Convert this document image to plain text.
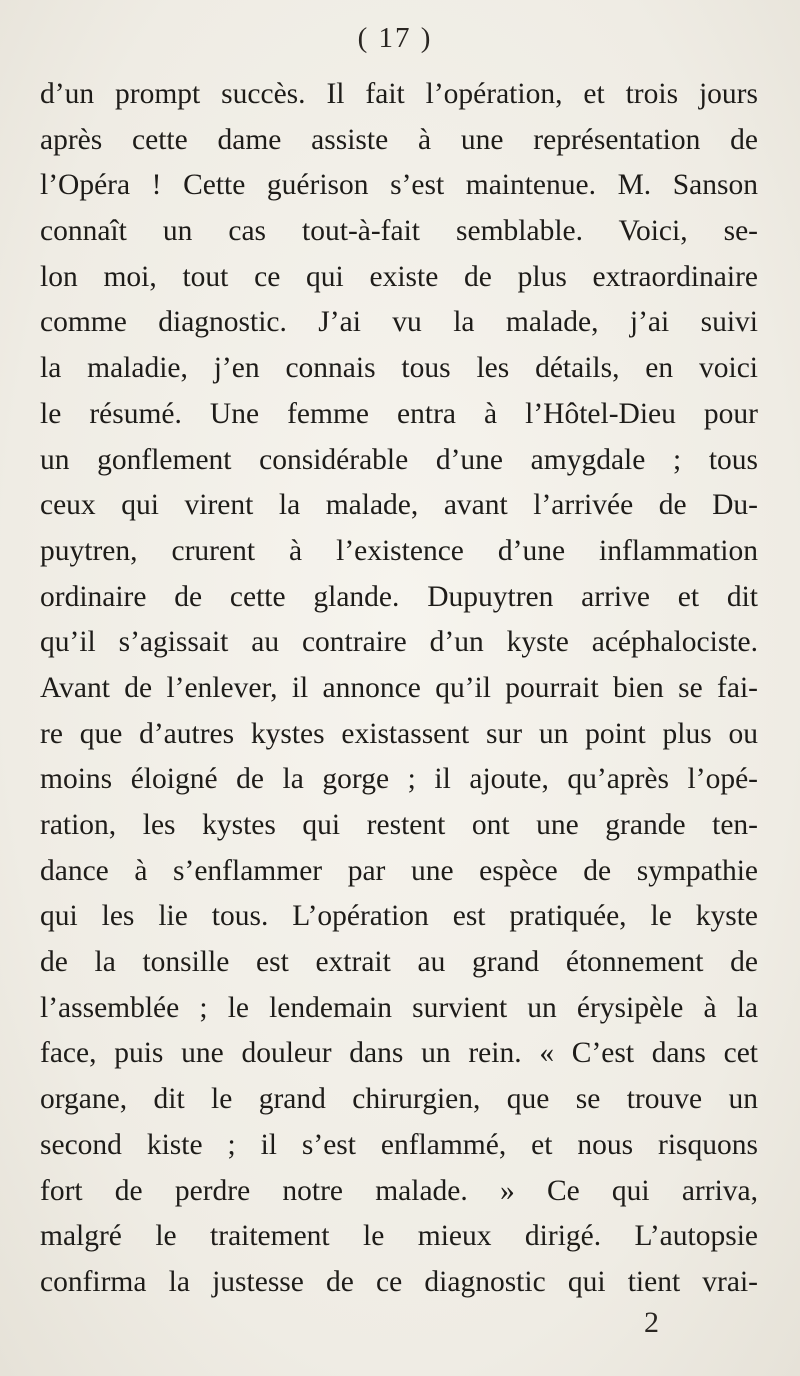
( 17 )
d’un prompt succès. Il fait l’opération, et trois jours
après cette dame assiste à une représentation de
l’Opéra ! Cette guérison s’est maintenue. M. Sanson
connaît un cas tout-à-fait semblable. Voici, se-
lon moi, tout ce qui existe de plus extraordinaire
comme diagnostic. J’ai vu la malade, j’ai suivi
la maladie, j’en connais tous les détails, en voici
le résumé. Une femme entra à l’Hôtel-Dieu pour
un gonflement considérable d’une amygdale ; tous
ceux qui virent la malade, avant l’arrivée de Du-
puytren, crurent à l’existence d’une inflammation
ordinaire de cette glande. Dupuytren arrive et dit
qu’il s’agissait au contraire d’un kyste acéphalociste.
Avant de l’enlever, il annonce qu’il pourrait bien se fai-
re que d’autres kystes existassent sur un point plus ou
moins éloigné de la gorge ; il ajoute, qu’après l’opé-
ration, les kystes qui restent ont une grande ten-
dance à s’enflammer par une espèce de sympathie
qui les lie tous. L’opération est pratiquée, le kyste
de la tonsille est extrait au grand étonnement de
l’assemblée ; le lendemain survient un érysipèle à la
face, puis une douleur dans un rein. « C’est dans cet
organe, dit le grand chirurgien, que se trouve un
second kiste ; il s’est enflammé, et nous risquons
fort de perdre notre malade. » Ce qui arriva,
malgré le traitement le mieux dirigé. L’autopsie
confirma la justesse de ce diagnostic qui tient vrai-
2
